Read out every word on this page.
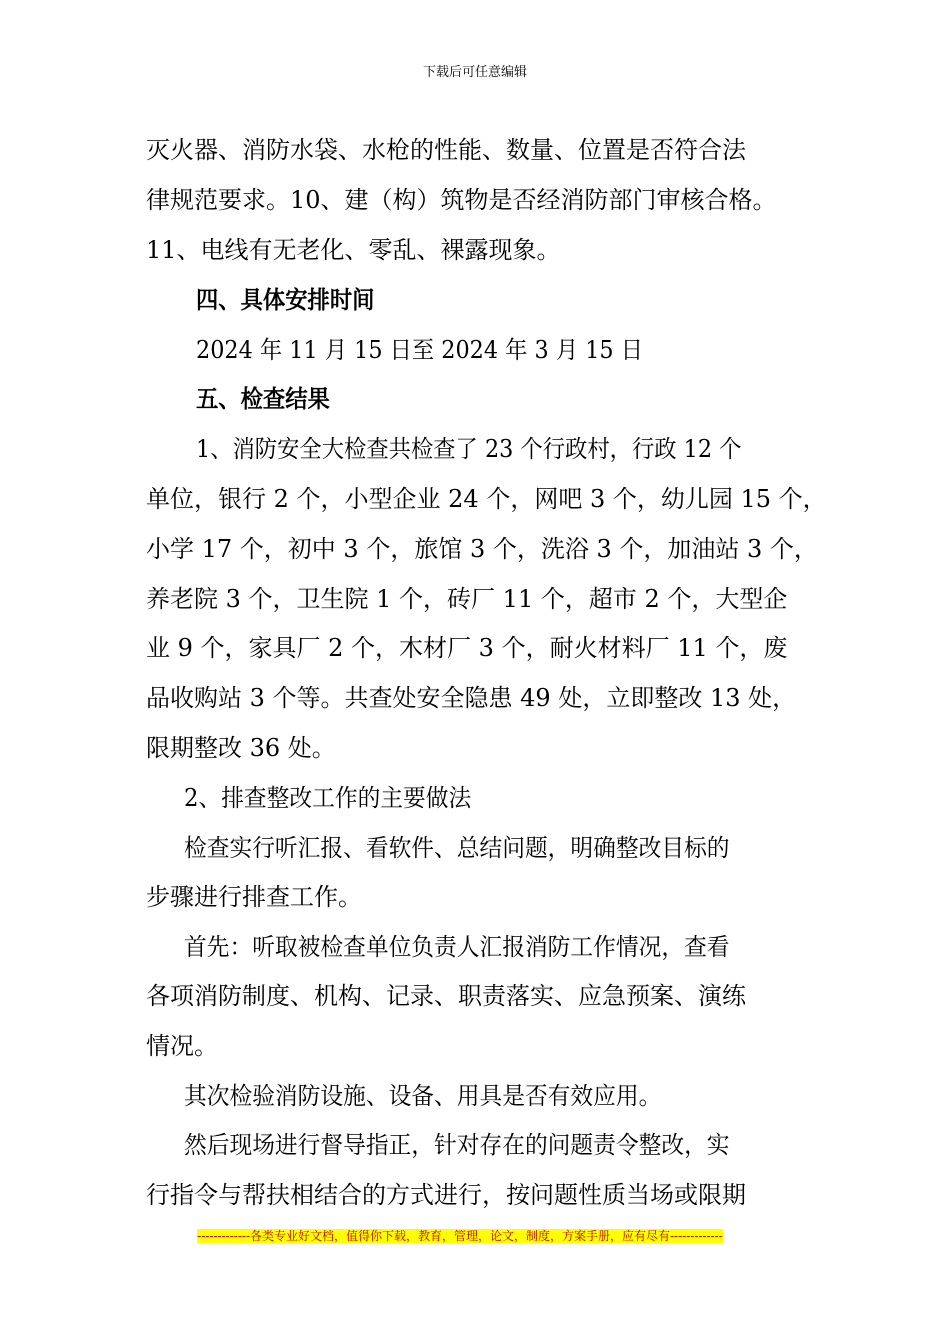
下载后可任意编辑
灭火器、消防水袋、水枪的性能、数量、位置是否符合法
律规范要求。10、建（构）筑物是否经消防部门审核合格。
11、电线有无老化、零乱、裸露现象。
四、具体安排时间
2024 年 11 月 15 日至 2024 年 3 月 15 日
五、检查结果
1、消防安全大检查共检查了 23 个行政村，行政 12 个
单位，银行 2 个，小型企业 24 个，网吧 3 个，幼儿园 15 个，
小学 17 个，初中 3 个，旅馆 3 个，洗浴 3 个，加油站 3 个，
养老院 3 个，卫生院 1 个，砖厂 11 个，超市 2 个，大型企
业 9 个，家具厂 2 个，木材厂 3 个，耐火材料厂 11 个，废
品收购站 3 个等。共查处安全隐患 49 处，立即整改 13 处，
限期整改 36 处。
2、排查整改工作的主要做法
检查实行听汇报、看软件、总结问题，明确整改目标的
步骤进行排查工作。
首先：听取被检查单位负责人汇报消防工作情况，查看
各项消防制度、机构、记录、职责落实、应急预案、演练
情况。
其次检验消防设施、设备、用具是否有效应用。
然后现场进行督导指正，针对存在的问题责令整改，实
行指令与帮扶相结合的方式进行，按问题性质当场或限期
-------------各类专业好文档，值得你下载，教育，管理，论文，制度，方案手册，应有尽有-------------
